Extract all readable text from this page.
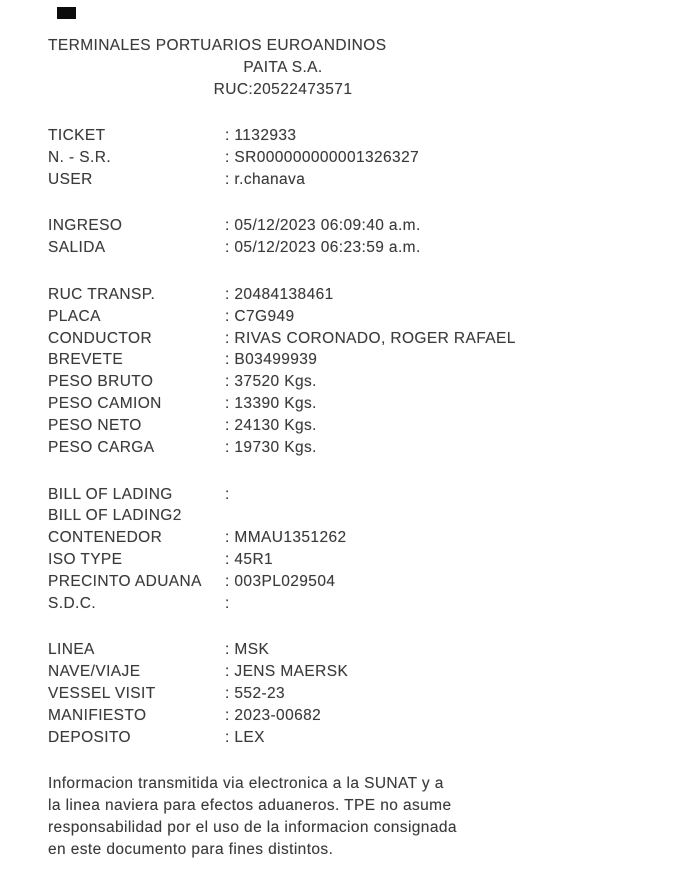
TERMINALES PORTUARIOS EUROANDINOS
PAITA S.A.
RUC:20522473571
TICKET	: 1132933
N. - S.R.	: SR000000000001326327
USER	: r.chanava
INGRESO	: 05/12/2023 06:09:40 a.m.
SALIDA	: 05/12/2023 06:23:59 a.m.
RUC TRANSP.	: 20484138461
PLACA	: C7G949
CONDUCTOR	: RIVAS CORONADO, ROGER RAFAEL
BREVETE	: B03499939
PESO BRUTO	: 37520 Kgs.
PESO CAMION	: 13390 Kgs.
PESO NETO	: 24130 Kgs.
PESO CARGA	: 19730 Kgs.
BILL OF LADING	:
BILL OF LADING2
CONTENEDOR	: MMAU1351262
ISO TYPE	: 45R1
PRECINTO ADUANA	: 003PL029504
S.D.C.	:
LINEA	: MSK
NAVE/VIAJE	: JENS MAERSK
VESSEL VISIT	: 552-23
MANIFIESTO	: 2023-00682
DEPOSITO	: LEX
Informacion transmitida via electronica a la SUNAT y a
la linea naviera para efectos aduaneros. TPE no asume
responsabilidad por el uso de la informacion consignada
en este documento para fines distintos.
